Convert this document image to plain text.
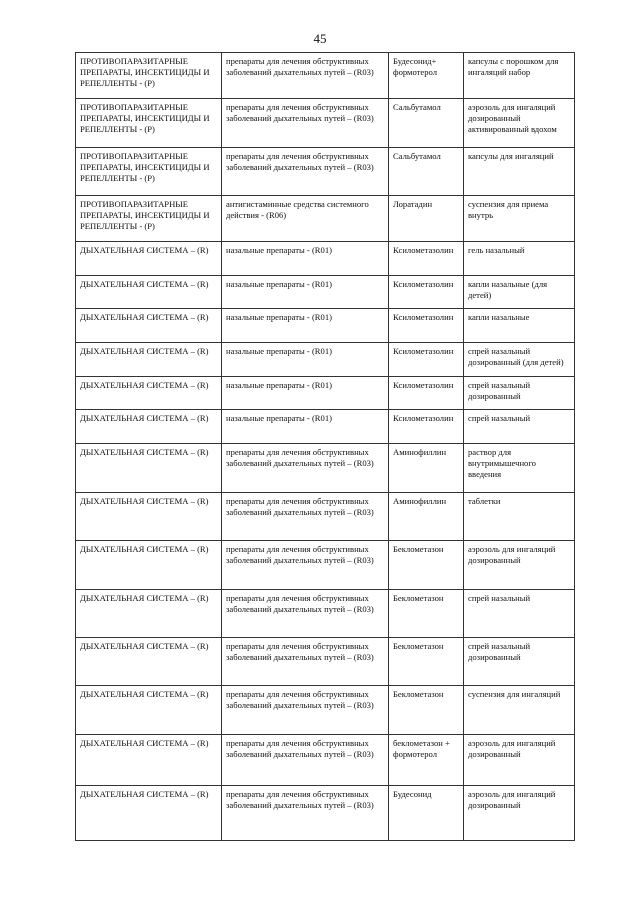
45
ПРОТИВОПАРАЗИТАРНЫЕ ПРЕПАРАТЫ, ИНСЕКТИЦИДЫ И РЕПЕЛЛЕНТЫ - (P)	препараты для лечения обструктивных заболеваний дыхательных путей – (R03)	Будесонид+ формотерол	капсулы с порошком для ингаляций набор
ПРОТИВОПАРАЗИТАРНЫЕ ПРЕПАРАТЫ, ИНСЕКТИЦИДЫ И РЕПЕЛЛЕНТЫ - (P)	препараты для лечения обструктивных заболеваний дыхательных путей – (R03)	Сальбутамол	аэрозоль для ингаляций дозированный активированный вдохом
ПРОТИВОПАРАЗИТАРНЫЕ ПРЕПАРАТЫ, ИНСЕКТИЦИДЫ И РЕПЕЛЛЕНТЫ - (P)	препараты для лечения обструктивных заболеваний дыхательных путей – (R03)	Сальбутамол	капсулы для ингаляций
ПРОТИВОПАРАЗИТАРНЫЕ ПРЕПАРАТЫ, ИНСЕКТИЦИДЫ И РЕПЕЛЛЕНТЫ - (P)	антигистаминные средства системного действия - (R06)	Лоратадин	суспензия для приема внутрь
ДЫХАТЕЛЬНАЯ СИСТЕМА – (R)	назальные препараты - (R01)	Ксилометазолин	гель назальный
ДЫХАТЕЛЬНАЯ СИСТЕМА – (R)	назальные препараты - (R01)	Ксилометазолин	капли назальные (для детей)
ДЫХАТЕЛЬНАЯ СИСТЕМА – (R)	назальные препараты - (R01)	Ксилометазолин	капли назальные
ДЫХАТЕЛЬНАЯ СИСТЕМА – (R)	назальные препараты - (R01)	Ксилометазолин	спрей назальный дозированный (для детей)
ДЫХАТЕЛЬНАЯ СИСТЕМА – (R)	назальные препараты - (R01)	Ксилометазолин	спрей назальный дозированный
ДЫХАТЕЛЬНАЯ СИСТЕМА – (R)	назальные препараты - (R01)	Ксилометазолин	спрей назальный
ДЫХАТЕЛЬНАЯ СИСТЕМА – (R)	препараты для лечения обструктивных заболеваний дыхательных путей – (R03)	Аминофиллин	раствор для внутримышечного введения
ДЫХАТЕЛЬНАЯ СИСТЕМА – (R)	препараты для лечения обструктивных заболеваний дыхательных путей – (R03)	Аминофиллин	таблетки
ДЫХАТЕЛЬНАЯ СИСТЕМА – (R)	препараты для лечения обструктивных заболеваний дыхательных путей – (R03)	Беклометазон	аэрозоль для ингаляций дозированный
ДЫХАТЕЛЬНАЯ СИСТЕМА – (R)	препараты для лечения обструктивных заболеваний дыхательных путей – (R03)	Беклометазон	спрей назальный
ДЫХАТЕЛЬНАЯ СИСТЕМА – (R)	препараты для лечения обструктивных заболеваний дыхательных путей – (R03)	Беклометазон	спрей назальный дозированный
ДЫХАТЕЛЬНАЯ СИСТЕМА – (R)	препараты для лечения обструктивных заболеваний дыхательных путей – (R03)	Беклометазон	суспензия для ингаляций
ДЫХАТЕЛЬНАЯ СИСТЕМА – (R)	препараты для лечения обструктивных заболеваний дыхательных путей – (R03)	беклометазон + формотерол	аэрозоль для ингаляций дозированный
ДЫХАТЕЛЬНАЯ СИСТЕМА – (R)	препараты для лечения обструктивных заболеваний дыхательных путей – (R03)	Будесонид	аэрозоль для ингаляций дозированный
